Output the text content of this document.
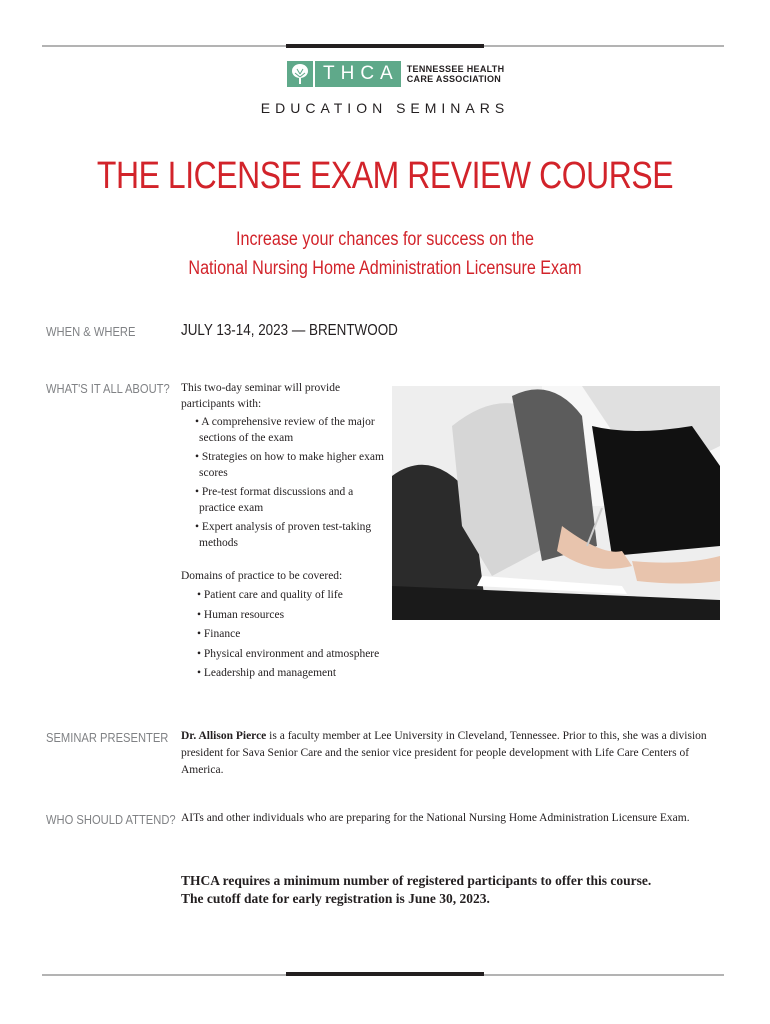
THCA TENNESSEE HEALTH
CARE ASSOCIATION
EDUCATION SEMINARS
THE LICENSE EXAM REVIEW COURSE
Increase your chances for success on the
National Nursing Home Administration Licensure Exam
WHEN & WHERE	JULY 13-14, 2023 — BRENTWOOD
WHAT'S IT ALL ABOUT? This two-day seminar will provide participants with:
• A comprehensive review of the major sections of the exam
• Strategies on how to make higher exam scores
• Pre-test format discussions and a practice exam
• Expert analysis of proven test-taking methods
Domains of practice to be covered:
• Patient care and quality of life
• Human resources
• Finance
• Physical environment and atmosphere
• Leadership and management
SEMINAR PRESENTER Dr. Allison Pierce is a faculty member at Lee University in Cleveland, Tennessee. Prior to this, she was a division president for Sava Senior Care and the senior vice president for people development with Life Care Centers of America.
WHO SHOULD ATTEND? AITs and other individuals who are preparing for the National Nursing Home Administration Licensure Exam.
THCA requires a minimum number of registered participants to offer this course.
The cutoff date for early registration is June 30, 2023.
